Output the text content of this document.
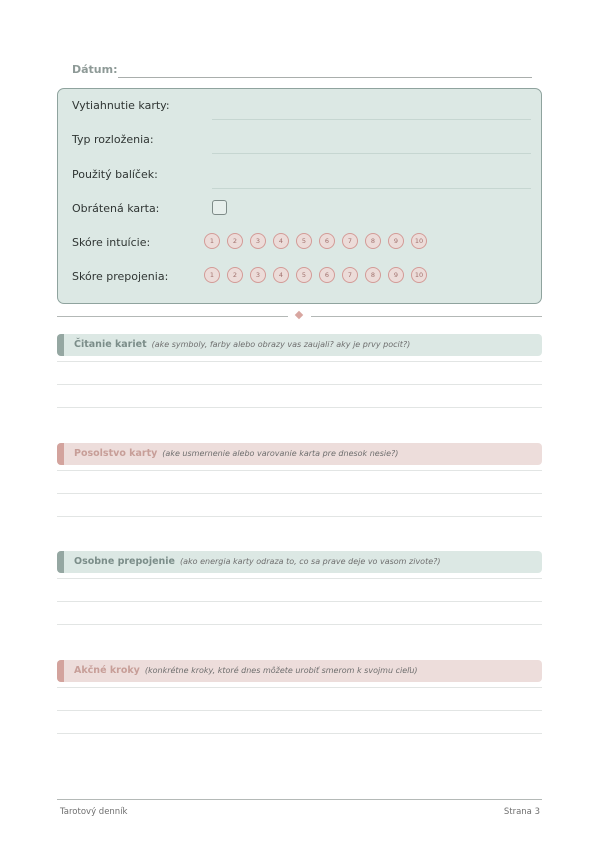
Dátum:
Vytiahnutie karty:
Typ rozloženia:
Použitý balíček:
Obrátená karta:
Skóre intuície:	1	2	3	4	5	6	7	8	9	10
Skóre prepojenia:	1	2	3	4	5	6	7	8	9	10
Čitanie kariet (ake symboly, farby alebo obrazy vas zaujali? aky je prvy pocit?)
Posolstvo karty (ake usmernenie alebo varovanie karta pre dnesok nesie?)
Osobne prepojenie (ako energia karty odraza to, co sa prave deje vo vasom zivote?)
Akčné kroky (konkrétne kroky, ktoré dnes môžete urobiť smerom k svojmu cieľu)
Tarotový denník	Strana 3
